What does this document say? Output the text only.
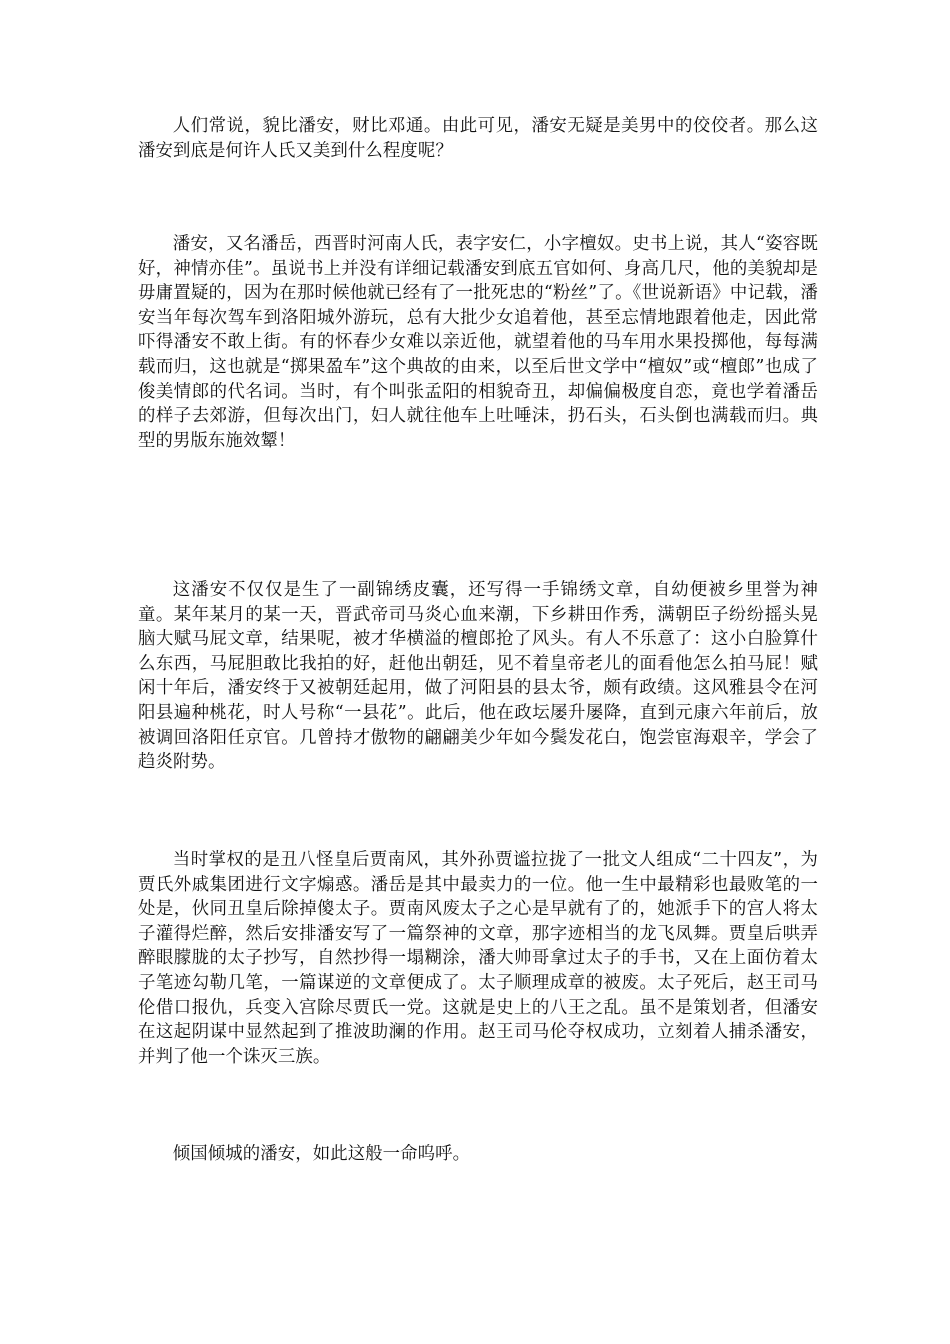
人们常说，貌比潘安，财比邓通。由此可见，潘安无疑是美男中的佼佼者。那么这潘安到底是何许人氏又美到什么程度呢？

潘安，又名潘岳，西晋时河南人氏，表字安仁，小字檀奴。史书上说，其人“姿容既好，神情亦佳”。虽说书上并没有详细记载潘安到底五官如何、身高几尺，他的美貌却是毋庸置疑的，因为在那时候他就已经有了一批死忠的“粉丝”了。《世说新语》中记载，潘安当年每次驾车到洛阳城外游玩，总有大批少女追着他，甚至忘情地跟着他走，因此常吓得潘安不敢上街。有的怀春少女难以亲近他，就望着他的马车用水果投掷他，每每满载而归，这也就是“掷果盈车”这个典故的由来，以至后世文学中“檀奴”或“檀郎”也成了俊美情郎的代名词。当时，有个叫张孟阳的相貌奇丑，却偏偏极度自恋，竟也学着潘岳的样子去郊游，但每次出门，妇人就往他车上吐唾沫，扔石头，石头倒也满载而归。典型的男版东施效颦！

这潘安不仅仅是生了一副锦绣皮囊，还写得一手锦绣文章，自幼便被乡里誉为神童。某年某月的某一天，晋武帝司马炎心血来潮，下乡耕田作秀，满朝臣子纷纷摇头晃脑大赋马屁文章，结果呢，被才华横溢的檀郎抢了风头。有人不乐意了：这小白脸算什么东西，马屁胆敢比我拍的好，赶他出朝廷，见不着皇帝老儿的面看他怎么拍马屁！赋闲十年后，潘安终于又被朝廷起用，做了河阳县的县太爷，颇有政绩。这风雅县令在河阳县遍种桃花，时人号称“一县花”。此后，他在政坛屡升屡降，直到元康六年前后，放被调回洛阳任京官。几曾持才傲物的翩翩美少年如今鬓发花白，饱尝宦海艰辛，学会了趋炎附势。

当时掌权的是丑八怪皇后贾南风，其外孙贾谧拉拢了一批文人组成“二十四友”，为贾氏外戚集团进行文字煽惑。潘岳是其中最卖力的一位。他一生中最精彩也最败笔的一处是，伙同丑皇后除掉傻太子。贾南风废太子之心是早就有了的，她派手下的宫人将太子灌得烂醉，然后安排潘安写了一篇祭神的文章，那字迹相当的龙飞凤舞。贾皇后哄弄醉眼朦胧的太子抄写，自然抄得一塌糊涂，潘大帅哥拿过太子的手书，又在上面仿着太子笔迹勾勒几笔，一篇谋逆的文章便成了。太子顺理成章的被废。太子死后，赵王司马伦借口报仇，兵变入宫除尽贾氏一党。这就是史上的八王之乱。虽不是策划者，但潘安在这起阴谋中显然起到了推波助澜的作用。赵王司马伦夺权成功，立刻着人捕杀潘安，并判了他一个诛灭三族。

倾国倾城的潘安，如此这般一命呜呼。
